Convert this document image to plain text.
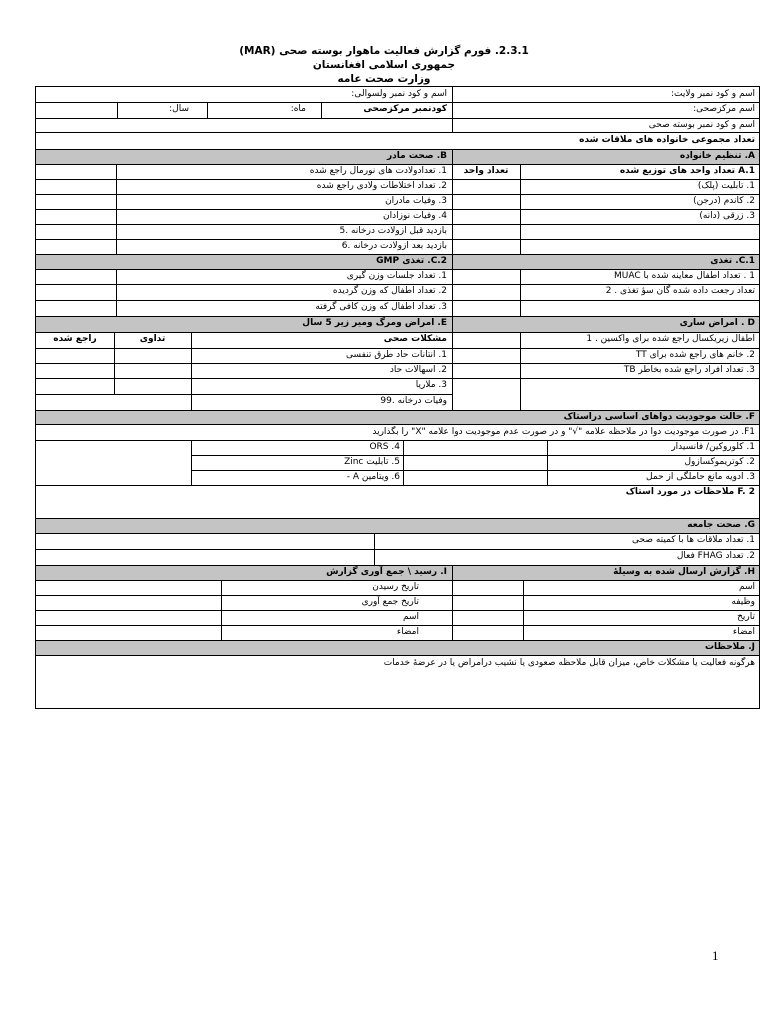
2.3.1. فورم گزارش فعالیت ماهوار بوسته صحی (MAR)
جمهوری اسلامی افغانستان
وزارت صحت عامه
اسم و کود نمبر ولایت:
اسم و کود نمبر ولسوالی:
اسم مرکزصحی:
کودنمبر مرکزصحی
ماه:
سال:
اسم و کود نمبر بوسته صحی
تعداد مجموعی خانواده های ملاقات شده
A. تنظیم خانواده
B. صحت مادر
A.1 تعداد واحد های توزیع شده
تعداد واحد
1. تابلیت (پلک)
2. کاندم (درجن)
3. زرقی (دانه)
1. تعدادولادت های نورمال راجع شده
2. تعداد اختلاطات ولادی راجع شده
3. وفیات مادران
4. وفیات نوزادان
بازدید قبل ازولادت درخانه .5
بازدید بعد ازولادت درخانه .6
C.1. تغذی
C.2. تغذی GMP
1 . تعداد اطفال معاینه شده با MUAC
تعداد رجعت داده شده گان سؤ تغذی . 2
1. تعداد جلسات وزن گیری
2. تعداد اطفال که وزن گردیده
3. تعداد اطفال که وزن کافی گرفته
D . امراض ساری
E. امراض ومرگ ومیر زیر 5 سال
اطفال زیریکسال راجع شده برای واکسین . 1
2. خانم های راجع شده برای TT
3. تعداد افراد راجع شده بخاطر TB
مشکلات صحی
تداوی
راجع شده
1. انتانات حاد طرق تنفسی
2. اسهالات حاد
3. ملاریا
وفیات درخانه .99
F. حالت موجودیت دواهای اساسی دراستاک
F1. در صورت موجودیت دوا در ملاحظه علامه "√" و در صورت عدم موجودیت دوا علامه "X" را بگذارید
1. کلوروکین/ فانسیدار
2. کوتریموکسازول
3. ادویه مانع حاملگی از حمل
4. ORS
5. تابلیت Zinc
6. ویتامین A -
F. 2 ملاحظات در مورد استاک
G. صحت جامعه
1. تعداد ملاقات ها با کمیته صحی
2. تعداد FHAG فعال
H. گزارش ارسال شده به وسیلهٔ
I. رسید \ جمع آوری گزارش
اسم
وظیفه
تاریخ
امضاء
تاریخ رسیدن
تاریخ جمع آوری
اسم
امضاء
J. ملاحظات
هرگونه فعالیت یا مشکلات خاص، میزان قابل ملاحظه صعودی یا نشیب درامراض یا در عرضهٔ خدمات
1
